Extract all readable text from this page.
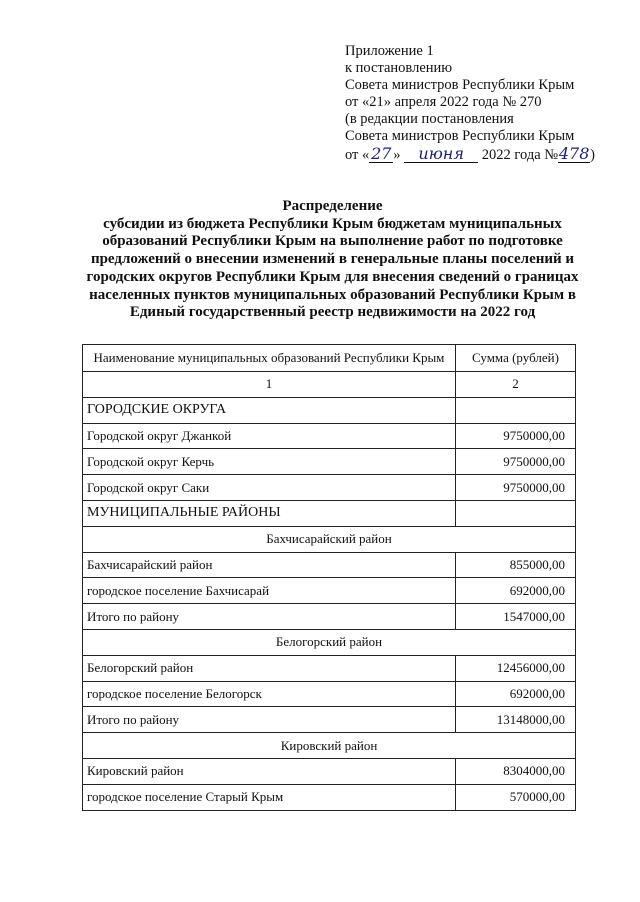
Приложение 1
к постановлению
Совета министров Республики Крым
от «21» апреля 2022 года № 270
(в редакции постановления
Совета министров Республики Крым
от « 27 » июня 2022 года №478)
Распределение
субсидии из бюджета Республики Крым бюджетам муниципальных
образований Республики Крым на выполнение работ по подготовке
предложений о внесении изменений в генеральные планы поселений и
городских округов Республики Крым для внесения сведений о границах
населенных пунктов муниципальных образований Республики Крым в
Единый государственный реестр недвижимости на 2022 год
Наименование муниципальных образований Республики Крым	Сумма (рублей)
1	2
ГОРОДСКИЕ ОКРУГА	
Городской округ Джанкой	9750000,00
Городской округ Керчь	9750000,00
Городской округ Саки	9750000,00
МУНИЦИПАЛЬНЫЕ РАЙОНЫ	
Бахчисарайский район	
Бахчисарайский район	855000,00
городское поселение Бахчисарай	692000,00
Итого по району	1547000,00
Белогорский район	
Белогорский район	12456000,00
городское поселение Белогорск	692000,00
Итого по району	13148000,00
Кировский район	
Кировский район	8304000,00
городское поселение Старый Крым	570000,00
